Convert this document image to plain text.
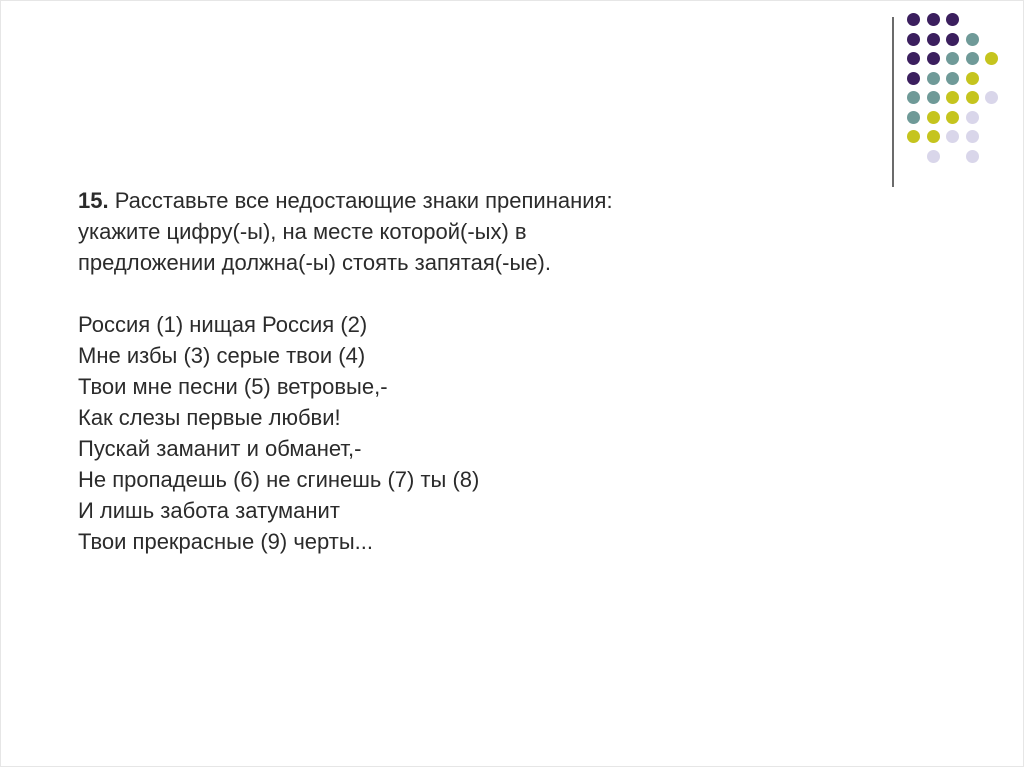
15. Расставьте все недостающие знаки препинания:
укажите цифру(-ы), на месте которой(-ых) в
предложении должна(-ы) стоять запятая(-ые).
Россия (1) нищая Россия (2)
Мне избы (3) серые твои (4)
Твои мне песни (5) ветровые,-
Как слезы первые любви!
Пускай заманит и обманет,-
Не пропадешь (6) не сгинешь (7) ты (8)
И лишь забота затуманит
Твои прекрасные (9) черты...
